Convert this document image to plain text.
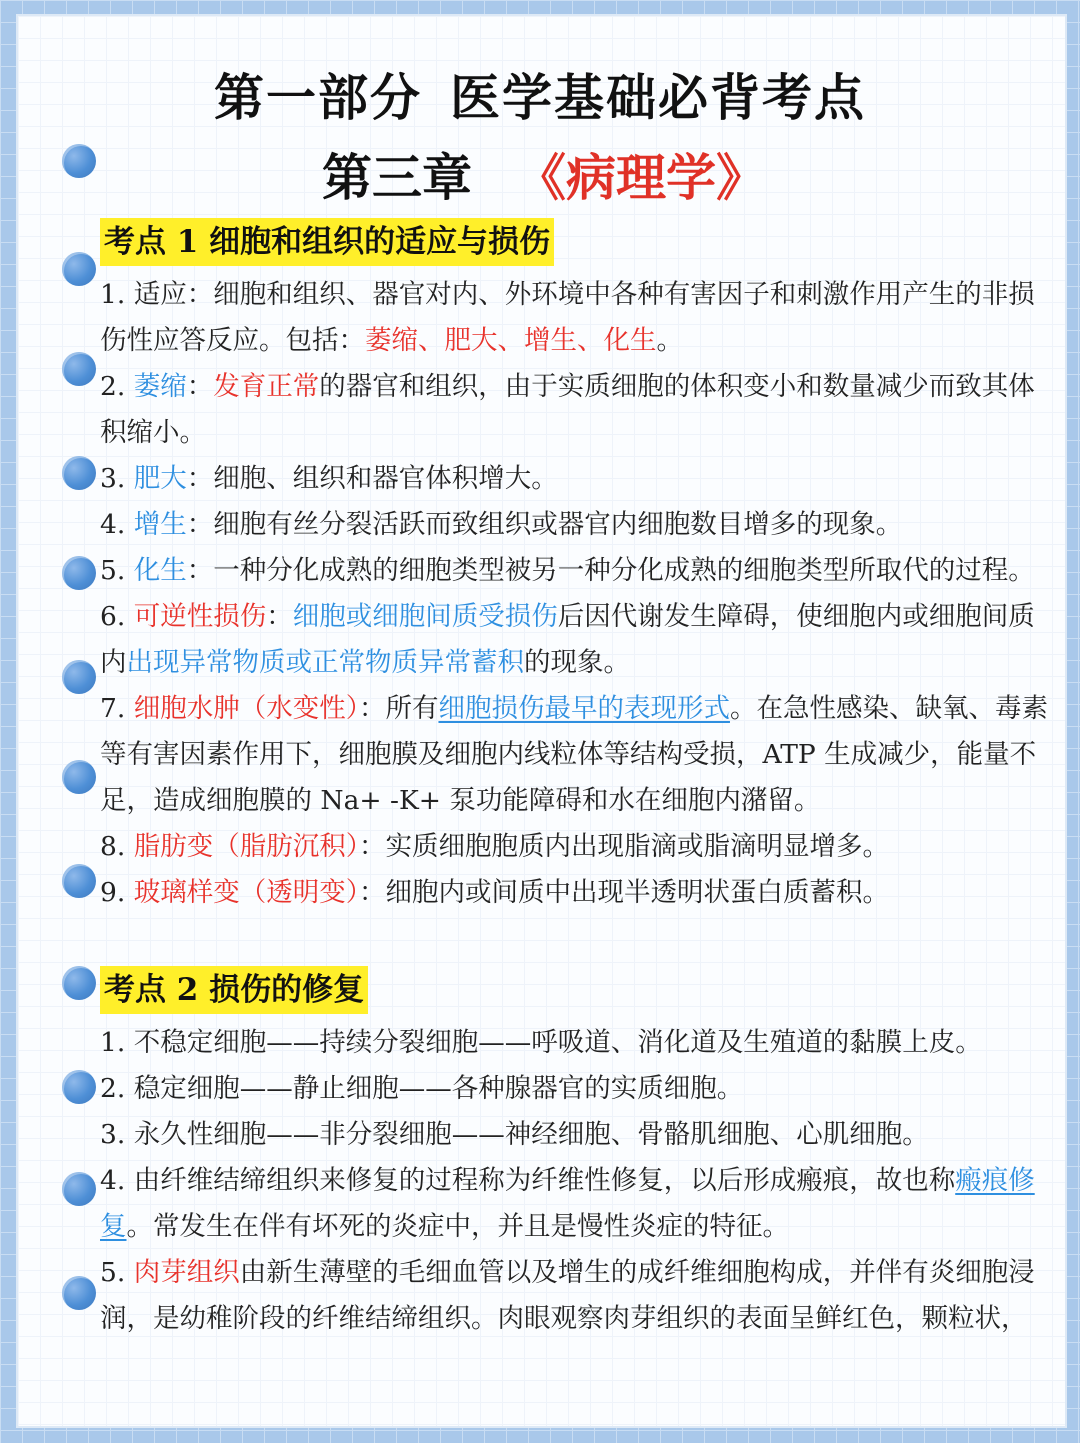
第一部分 医学基础必背考点
第三章 《病理学》
考点 1 细胞和组织的适应与损伤

1. 适应：细胞和组织、器官对内、外环境中各种有害因子和刺激作用产生的非损伤性应答反应。包括：萎缩、肥大、增生、化生。

2. 萎缩：发育正常的器官和组织，由于实质细胞的体积变小和数量减少而致其体积缩小。

3. 肥大：细胞、组织和器官体积增大。

4. 增生：细胞有丝分裂活跃而致组织或器官内细胞数目增多的现象。

5. 化生：一种分化成熟的细胞类型被另一种分化成熟的细胞类型所取代的过程。

6. 可逆性损伤：细胞或细胞间质受损伤后因代谢发生障碍，使细胞内或细胞间质内出现异常物质或正常物质异常蓄积的现象。

7. 细胞水肿（水变性）：所有细胞损伤最早的表现形式。在急性感染、缺氧、毒素等有害因素作用下，细胞膜及细胞内线粒体等结构受损，ATP 生成减少，能量不足，造成细胞膜的 Na+ -K+ 泵功能障碍和水在细胞内潴留。

8. 脂肪变（脂肪沉积）：实质细胞胞质内出现脂滴或脂滴明显增多。

9. 玻璃样变（透明变）：细胞内或间质中出现半透明状蛋白质蓄积。

考点 2 损伤的修复

1. 不稳定细胞——持续分裂细胞——呼吸道、消化道及生殖道的黏膜上皮。

2. 稳定细胞——静止细胞——各种腺器官的实质细胞。

3. 永久性细胞——非分裂细胞——神经细胞、骨骼肌细胞、心肌细胞。

4. 由纤维结缔组织来修复的过程称为纤维性修复，以后形成瘢痕，故也称瘢痕修复。常发生在伴有坏死的炎症中，并且是慢性炎症的特征。

5. 肉芽组织由新生薄壁的毛细血管以及增生的成纤维细胞构成，并伴有炎细胞浸润，是幼稚阶段的纤维结缔组织。肉眼观察肉芽组织的表面呈鲜红色，颗粒状，
